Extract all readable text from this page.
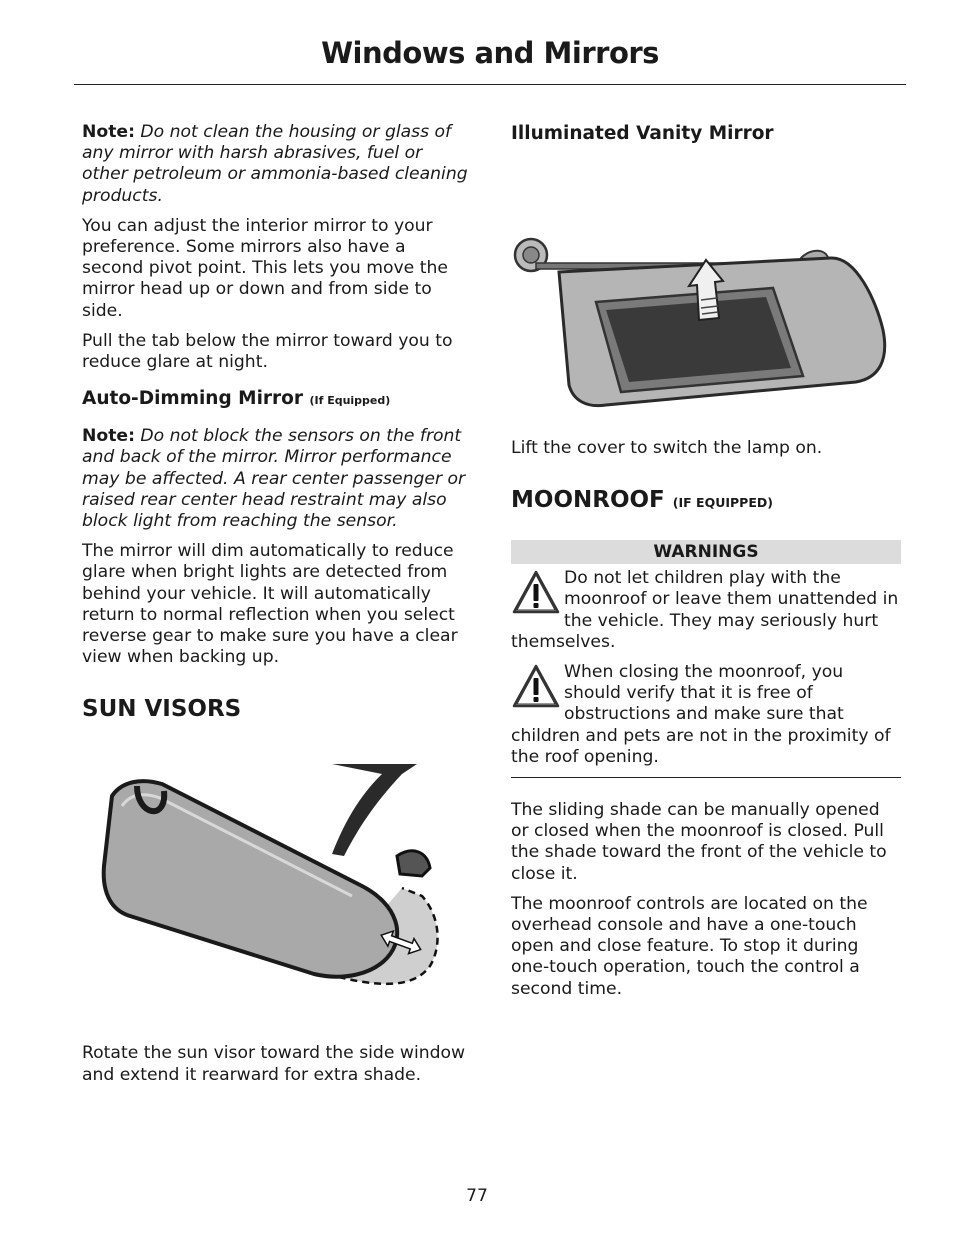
Windows and Mirrors

Note: Do not clean the housing or glass of any mirror with harsh abrasives, fuel or other petroleum or ammonia-based cleaning products.

You can adjust the interior mirror to your preference. Some mirrors also have a second pivot point. This lets you move the mirror head up or down and from side to side.

Pull the tab below the mirror toward you to reduce glare at night.

Auto-Dimming Mirror (If Equipped)

Note: Do not block the sensors on the front and back of the mirror. Mirror performance may be affected. A rear center passenger or raised rear center head restraint may also block light from reaching the sensor.

The mirror will dim automatically to reduce glare when bright lights are detected from behind your vehicle. It will automatically return to normal reflection when you select reverse gear to make sure you have a clear view when backing up.

SUN VISORS

Rotate the sun visor toward the side window and extend it rearward for extra shade.

Illuminated Vanity Mirror

Lift the cover to switch the lamp on.

MOONROOF (IF EQUIPPED)
WARNINGS
Do not let children play with the moonroof or leave them unattended in the vehicle. They may seriously hurt themselves.
When closing the moonroof, you should verify that it is free of obstructions and make sure that children and pets are not in the proximity of the roof opening.

The sliding shade can be manually opened or closed when the moonroof is closed. Pull the shade toward the front of the vehicle to close it.

The moonroof controls are located on the overhead console and have a one-touch open and close feature. To stop it during one-touch operation, touch the control a second time.

77
